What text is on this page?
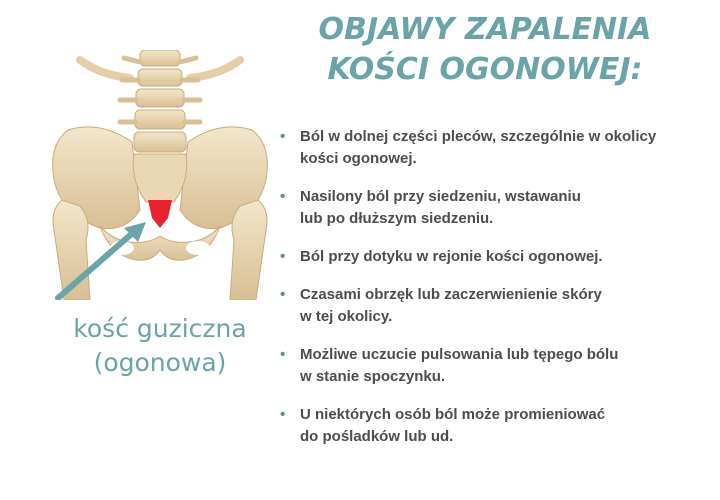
kość guziczna
(ogonowa)
OBJAWY ZAPALENIA
KOŚCI OGONOWEJ:
• Ból w dolnej części pleców, szczególnie w okolicy
kości ogonowej.
• Nasilony ból przy siedzeniu, wstawaniu
lub po dłuższym siedzeniu.
• Ból przy dotyku w rejonie kości ogonowej.
• Czasami obrzęk lub zaczerwienienie skóry
w tej okolicy.
• Możliwe uczucie pulsowania lub tępego bólu
w stanie spoczynku.
• U niektórych osób ból może promieniować
do pośladków lub ud.
